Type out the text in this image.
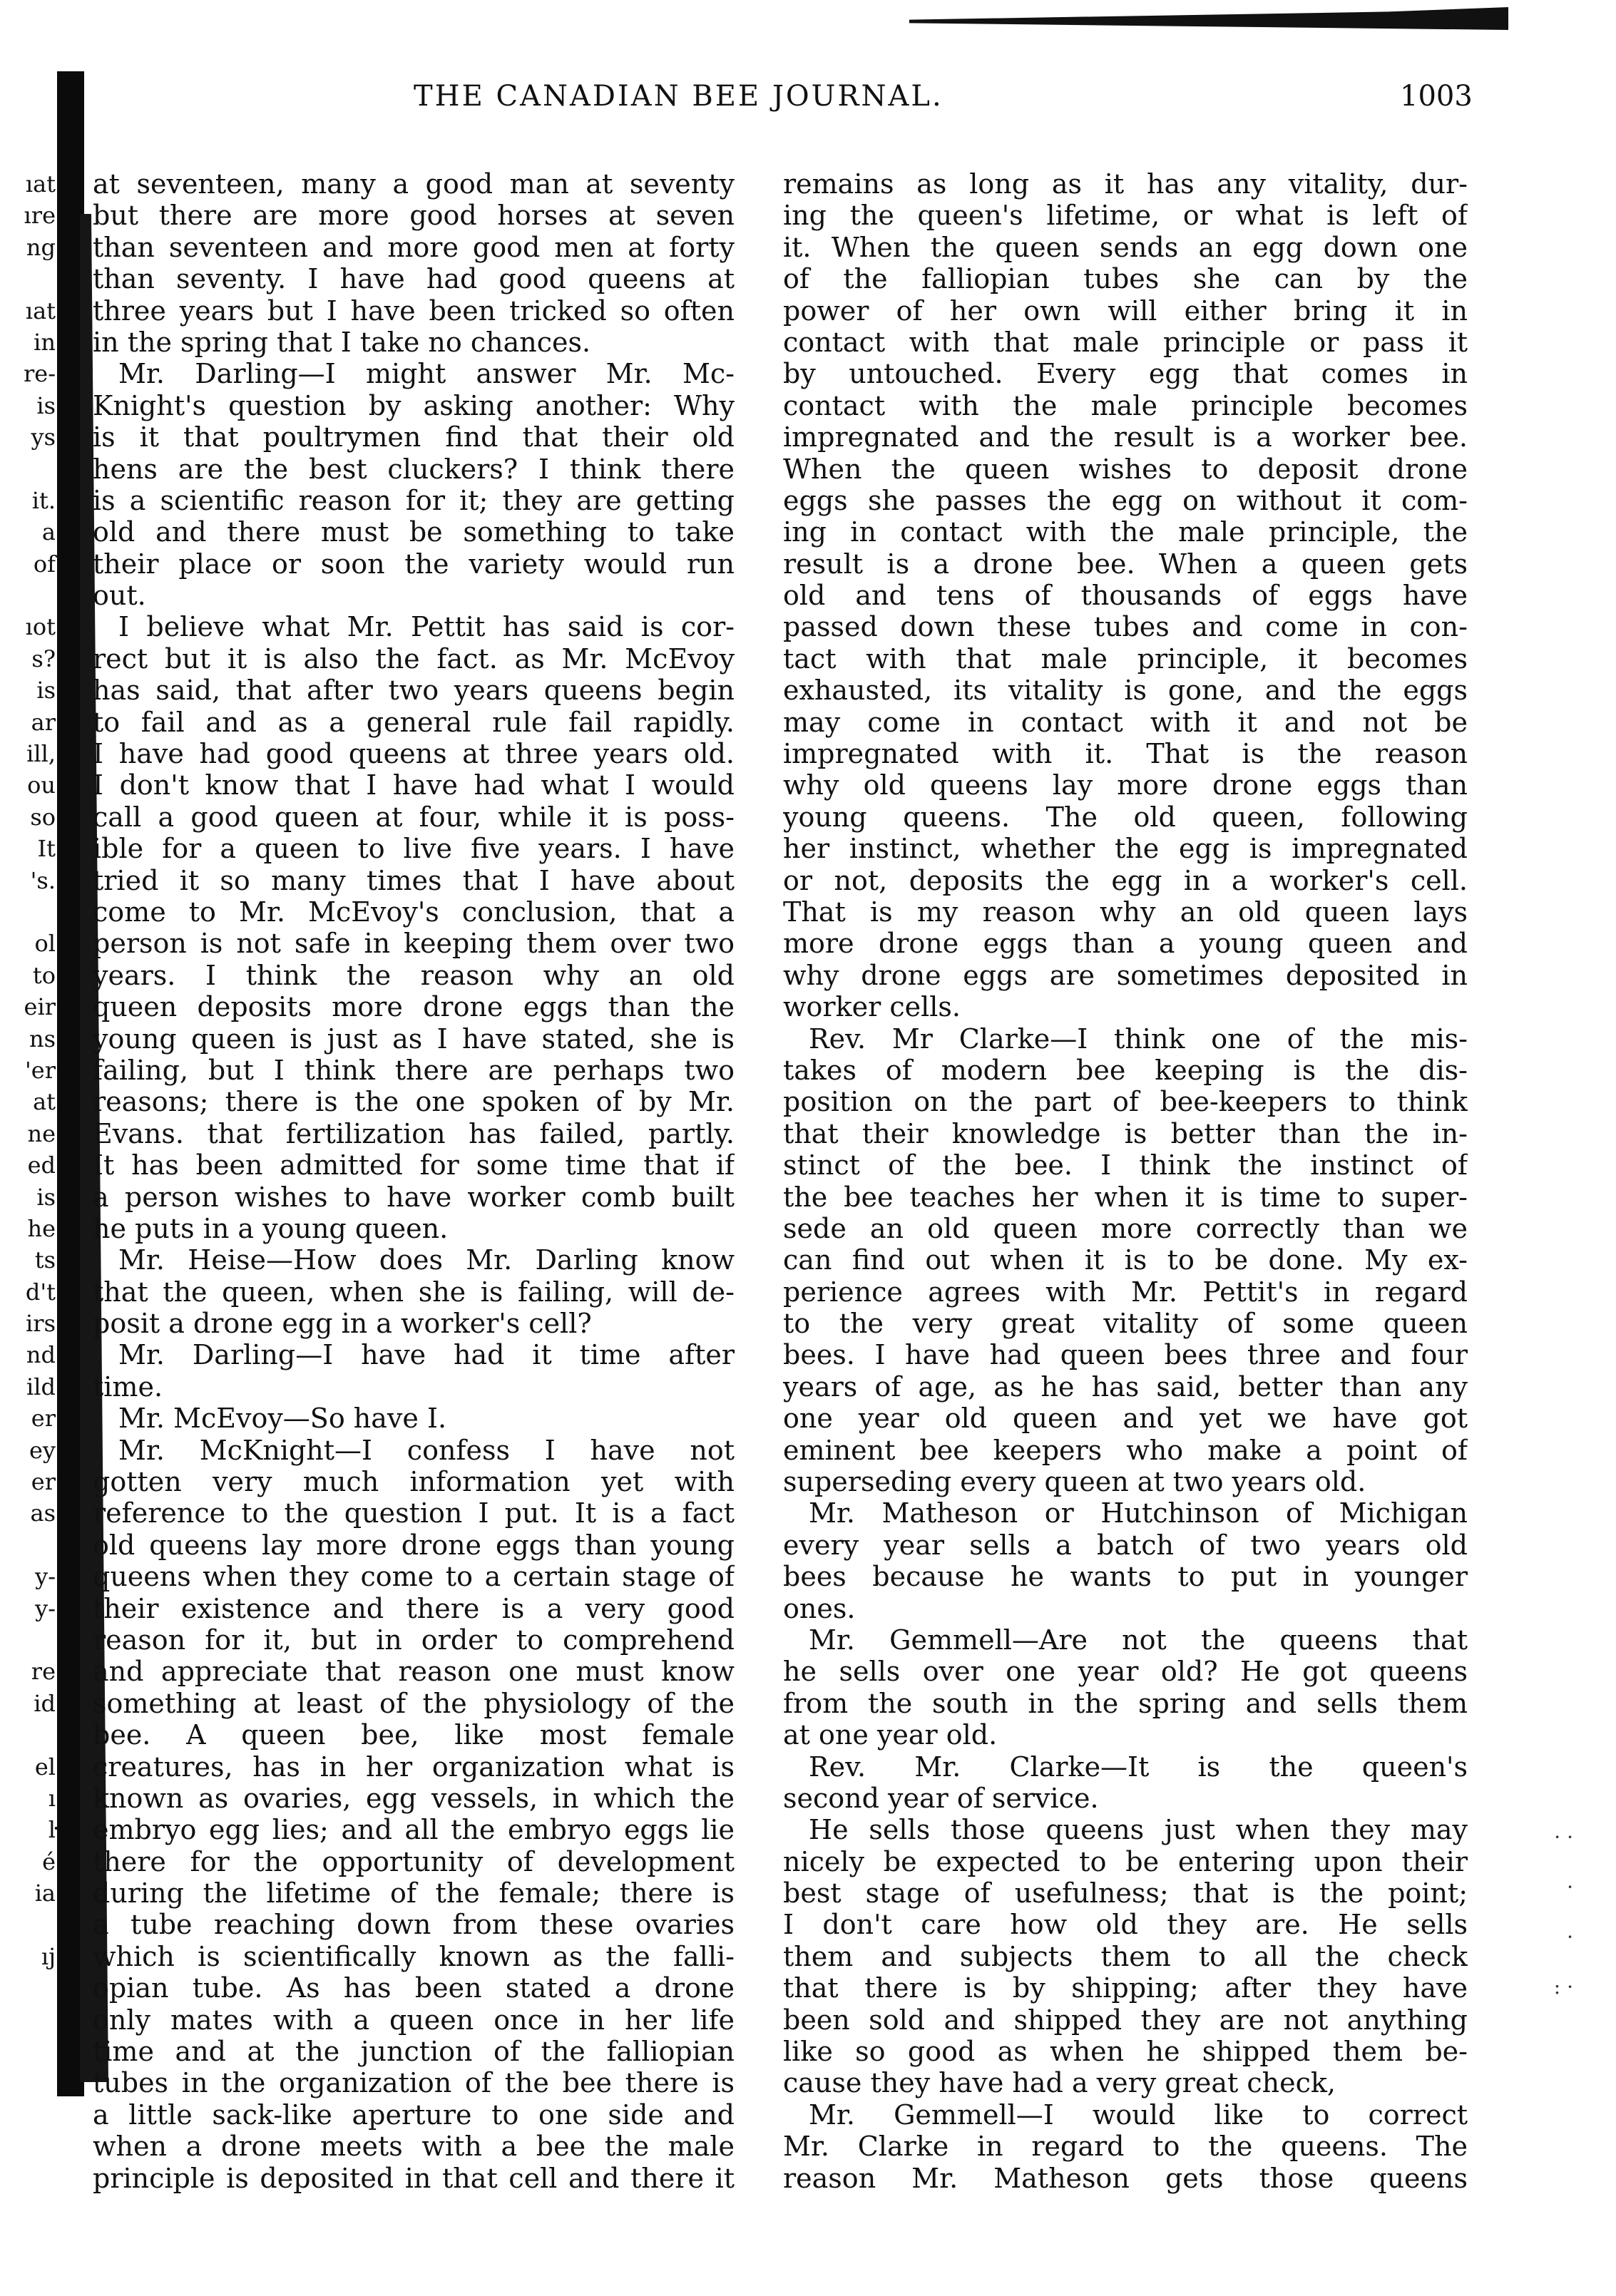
THE CANADIAN BEE JOURNAL.	1003
ıat
ıre
ng
ıat
in
re-
is
ys
it.
a
of
ıot
s?
is
ar
ill,
ou
so
It
's.
ol
to
eir
ns
'er
at
ne
ed
is
he
ts
d't
irs
nd
ild
er
ey
er
as
y-
y-
re
id
el
ı
ŀ
é
ia
ıj
at seventeen, many a good man at seventy
but there are more good horses at seven
than seventeen and more good men at forty
than seventy. I have had good queens at
three years but I have been tricked so often
in the spring that I take no chances.
Mr. Darling—I might answer Mr. Mc-
Knight's question by asking another: Why
is it that poultrymen find that their old
hens are the best cluckers? I think there
is a scientific reason for it; they are getting
old and there must be something to take
their place or soon the variety would run
out.
I believe what Mr. Pettit has said is cor-
rect but it is also the fact. as Mr. McEvoy
has said, that after two years queens begin
to fail and as a general rule fail rapidly.
I have had good queens at three years old.
I don't know that I have had what I would
call a good queen at four, while it is poss-
ible for a queen to live five years. I have
tried it so many times that I have about
come to Mr. McEvoy's conclusion, that a
person is not safe in keeping them over two
years. I think the reason why an old
queen deposits more drone eggs than the
young queen is just as I have stated, she is
failing, but I think there are perhaps two
reasons; there is the one spoken of by Mr.
Evans. that fertilization has failed, partly.
It has been admitted for some time that if
a person wishes to have worker comb built
he puts in a young queen.
Mr. Heise—How does Mr. Darling know
that the queen, when she is failing, will de-
posit a drone egg in a worker's cell?
Mr. Darling—I have had it time after
time.
Mr. McEvoy—So have I.
Mr. McKnight—I confess I have not
gotten very much information yet with
reference to the question I put. It is a fact
old queens lay more drone eggs than young
queens when they come to a certain stage of
their existence and there is a very good
reason for it, but in order to comprehend
and appreciate that reason one must know
something at least of the physiology of the
bee. A queen bee, like most female
creatures, has in her organization what is
known as ovaries, egg vessels, in which the
embryo egg lies; and all the embryo eggs lie
there for the opportunity of development
during the lifetime of the female; there is
a tube reaching down from these ovaries
which is scientifically known as the falli-
opian tube. As has been stated a drone
only mates with a queen once in her life
time and at the junction of the falliopian
tubes in the organization of the bee there is
a little sack-like aperture to one side and
when a drone meets with a bee the male
principle is deposited in that cell and there it
remains as long as it has any vitality, dur-
ing the queen's lifetime, or what is left of
it. When the queen sends an egg down one
of the falliopian tubes she can by the
power of her own will either bring it in
contact with that male principle or pass it
by untouched. Every egg that comes in
contact with the male principle becomes
impregnated and the result is a worker bee.
When the queen wishes to deposit drone
eggs she passes the egg on without it com-
ing in contact with the male principle, the
result is a drone bee. When a queen gets
old and tens of thousands of eggs have
passed down these tubes and come in con-
tact with that male principle, it becomes
exhausted, its vitality is gone, and the eggs
may come in contact with it and not be
impregnated with it. That is the reason
why old queens lay more drone eggs than
young queens. The old queen, following
her instinct, whether the egg is impregnated
or not, deposits the egg in a worker's cell.
That is my reason why an old queen lays
more drone eggs than a young queen and
why drone eggs are sometimes deposited in
worker cells.
Rev. Mr Clarke—I think one of the mis-
takes of modern bee keeping is the dis-
position on the part of bee-keepers to think
that their knowledge is better than the in-
stinct of the bee. I think the instinct of
the bee teaches her when it is time to super-
sede an old queen more correctly than we
can find out when it is to be done. My ex-
perience agrees with Mr. Pettit's in regard
to the very great vitality of some queen
bees. I have had queen bees three and four
years of age, as he has said, better than any
one year old queen and yet we have got
eminent bee keepers who make a point of
superseding every queen at two years old.
Mr. Matheson or Hutchinson of Michigan
every year sells a batch of two years old
bees because he wants to put in younger
ones.
Mr. Gemmell—Are not the queens that
he sells over one year old? He got queens
from the south in the spring and sells them
at one year old.
Rev. Mr. Clarke—It is the queen's
second year of service.
He sells those queens just when they may
nicely be expected to be entering upon their
best stage of usefulness; that is the point;
I don't care how old they are. He sells
them and subjects them to all the check
that there is by shipping; after they have
been sold and shipped they are not anything
like so good as when he shipped them be-
cause they have had a very great check,
Mr. Gemmell—I would like to correct
Mr. Clarke in regard to the queens. The
reason Mr. Matheson gets those queens
· ·
·
·
: ·
